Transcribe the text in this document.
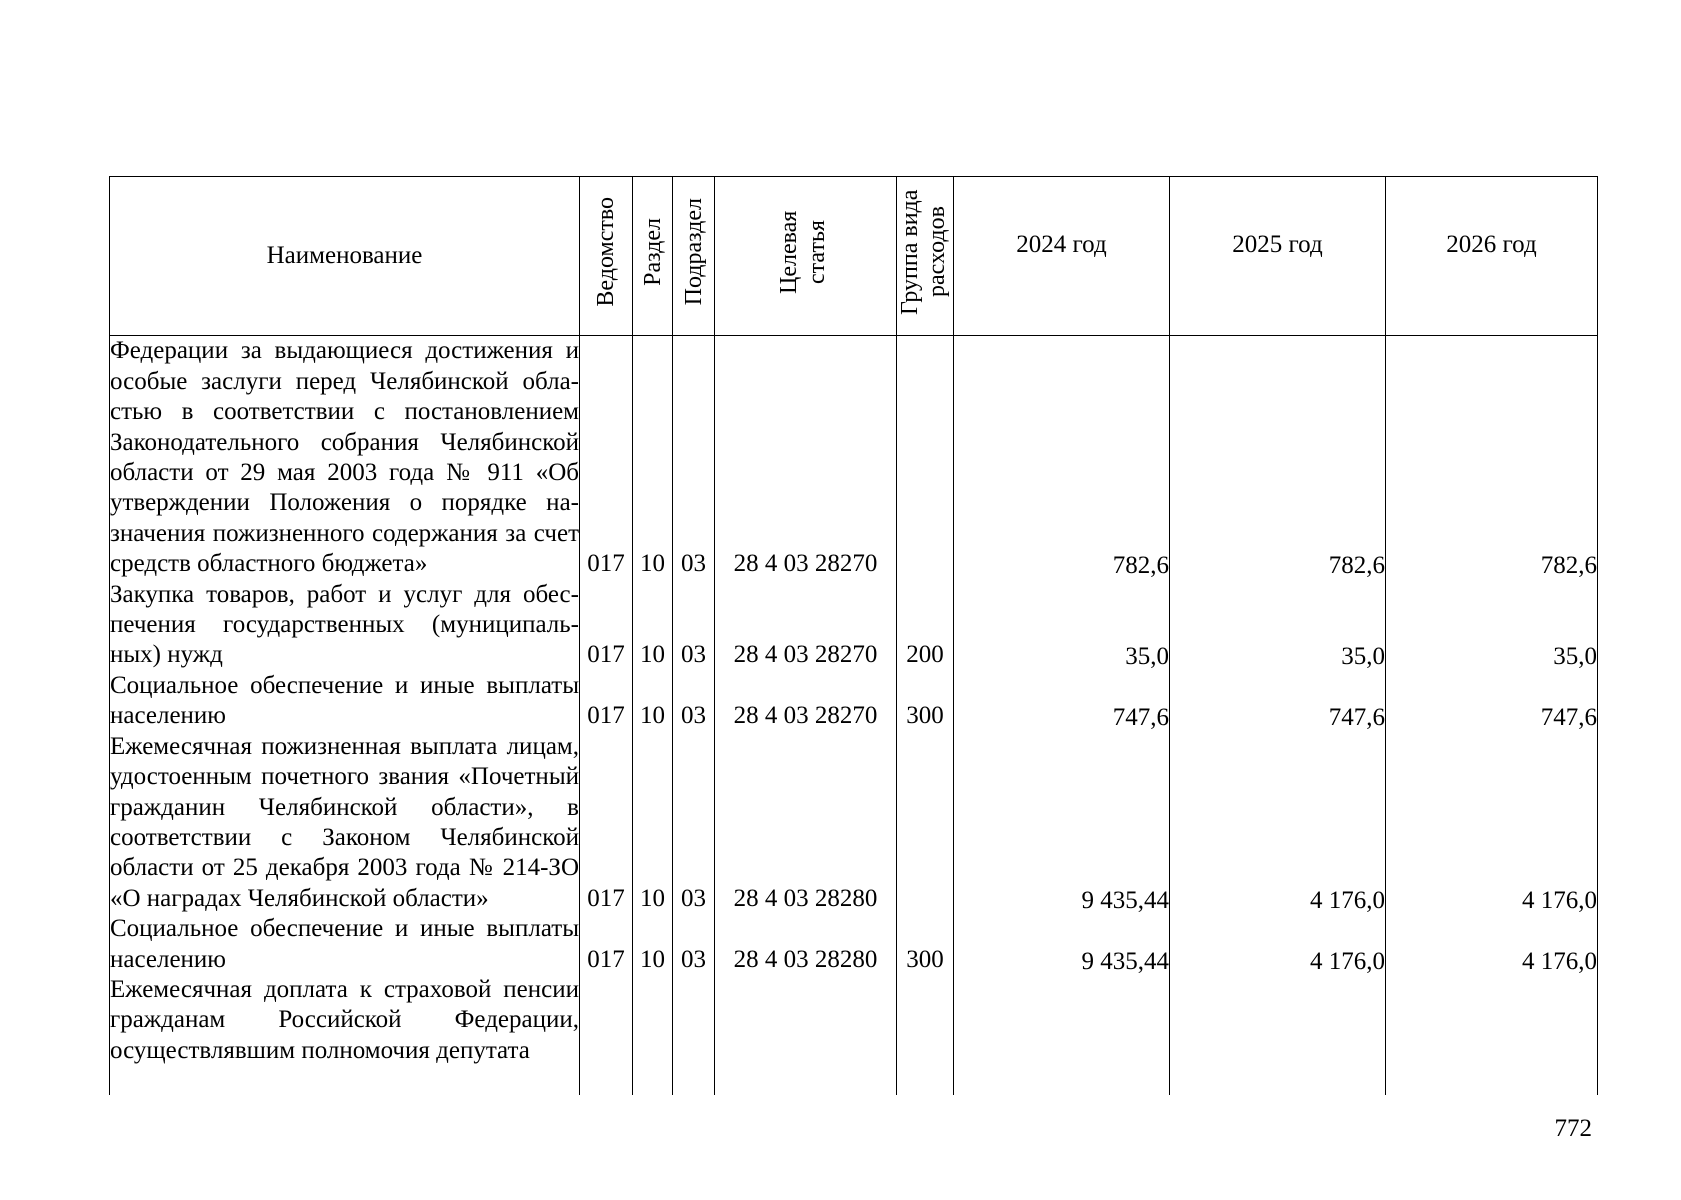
Наименование	Ведомство	Раздел	Подраздел	Целевая статья	Группа вида расходов	2024 год	2025 год	2026 год

Федерации за выдающиеся достижения и особые заслуги перед Челябинской областью в соответствии с постановлением Законодательного собрания Челябинской области от 29 мая 2003 года № 911 «Об утверждении Положения о порядке назначения пожизненного содержания за счет средств областного бюджета»	017	10	03	28 4 03 28270		782,6	782,6	782,6
Закупка товаров, работ и услуг для обеспечения государственных (муниципальных) нужд	017	10	03	28 4 03 28270	200	35,0	35,0	35,0
Социальное обеспечение и иные выплаты населению	017	10	03	28 4 03 28270	300	747,6	747,6	747,6
Ежемесячная пожизненная выплата лицам, удостоенным почетного звания «Почетный гражданин Челябинской области», в соответствии с Законом Челябинской области от 25 декабря 2003 года № 214-ЗО «О наградах Челябинской области»	017	10	03	28 4 03 28280		9 435,44	4 176,0	4 176,0
Социальное обеспечение и иные выплаты населению	017	10	03	28 4 03 28280	300	9 435,44	4 176,0	4 176,0
Ежемесячная доплата к страховой пенсии гражданам Российской Федерации, осуществлявшим полномочия депутата								
772
